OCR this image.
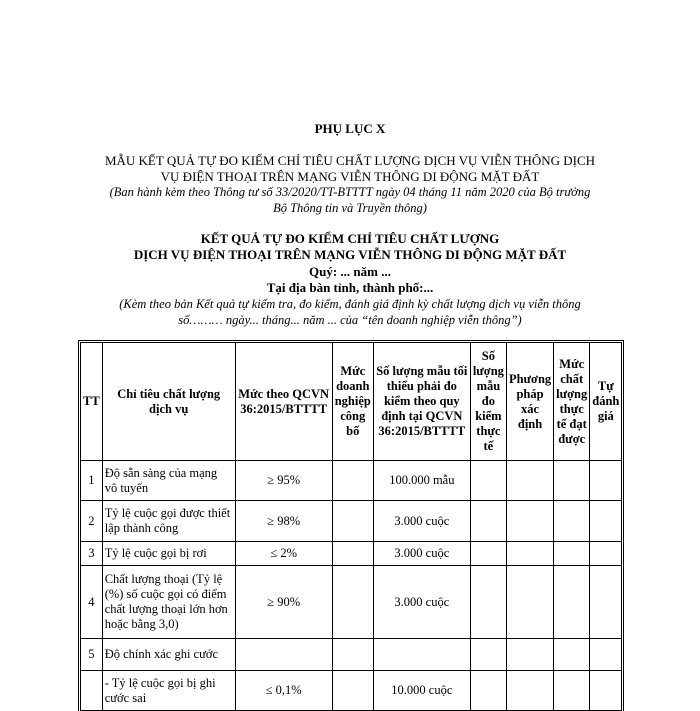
PHỤ LỤC X
MẪU KẾT QUẢ TỰ ĐO KIỂM CHỈ TIÊU CHẤT LƯỢNG DỊCH VỤ VIỄN THÔNG DỊCH
VỤ ĐIỆN THOẠI TRÊN MẠNG VIỄN THÔNG DI ĐỘNG MẶT ĐẤT
(Ban hành kèm theo Thông tư số 33/2020/TT-BTTTT ngày 04 tháng 11 năm 2020 của Bộ trưởng
Bộ Thông tin và Truyền thông)
KẾT QUẢ TỰ ĐO KIỂM CHỈ TIÊU CHẤT LƯỢNG
DỊCH VỤ ĐIỆN THOẠI TRÊN MẠNG VIỄN THÔNG DI ĐỘNG MẶT ĐẤT
Quý: ... năm ...
Tại địa bàn tỉnh, thành phố:...
(Kèm theo bản Kết quả tự kiểm tra, đo kiểm, đánh giá định kỳ chất lượng dịch vụ viễn thông
số……… ngày... tháng... năm ... của “tên doanh nghiệp viễn thông”)
TT	Chỉ tiêu chất lượng dịch vụ	Mức theo QCVN 36:2015/BTTTT	Mức doanh nghiệp công bố	Số lượng mẫu tối thiểu phải đo kiểm theo quy định tại QCVN 36:2015/BTTTT	Số lượng mẫu đo kiểm thực tế	Phương pháp xác định	Mức chất lượng thực tế đạt được	Tự đánh giá
1	Độ sẵn sàng của mạng vô tuyến	≥ 95%		100.000 mẫu				
2	Tỷ lệ cuộc gọi được thiết lập thành công	≥ 98%		3.000 cuộc				
3	Tỷ lệ cuộc gọi bị rơi	≤ 2%		3.000 cuộc				
4	Chất lượng thoại (Tỷ lệ (%) số cuộc gọi có điểm chất lượng thoại lớn hơn hoặc bằng 3,0)	≥ 90%		3.000 cuộc				
5	Độ chính xác ghi cước							
	- Tỷ lệ cuộc gọi bị ghi cước sai	≤ 0,1%		10.000 cuộc				
